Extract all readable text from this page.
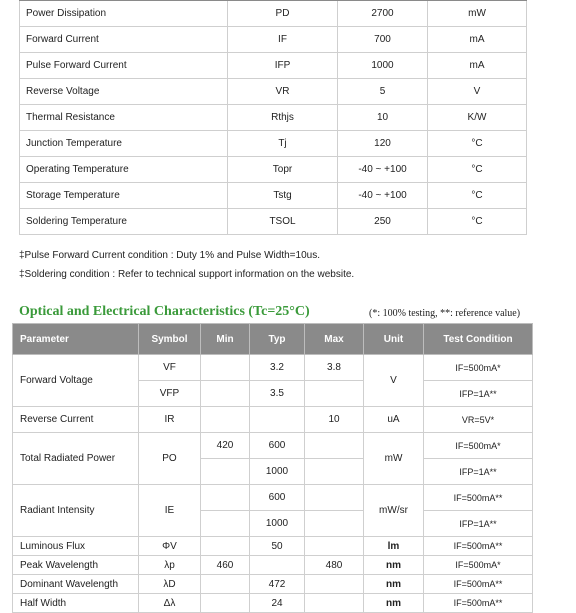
Power Dissipation	PD	2700	mW
Forward Current	IF	700	mA
Pulse Forward Current	IFP	1000	mA
Reverse Voltage	VR	5	V
Thermal Resistance	Rthjs	10	K/W
Junction Temperature	Tj	120	°C
Operating Temperature	Topr	-40 ~ +100	°C
Storage Temperature	Tstg	-40 ~ +100	°C
Soldering Temperature	TSOL	250	°C
‡Pulse Forward Current condition : Duty 1% and Pulse Width=10us.
‡Soldering condition : Refer to technical support information on the website.
Optical and Electrical Characteristics (Tc=25°C)	(*: 100% testing, **: reference value)
Parameter	Symbol	Min	Typ	Max	Unit	Test Condition
Forward Voltage	VF		3.2	3.8	V	IF=500mA*
	VFP		3.5			IFP=1A**
Reverse Current	IR			10	uA	VR=5V*
Total Radiated Power	PO	420	600		mW	IF=500mA*
			1000			IFP=1A**
Radiant Intensity	IE		600		mW/sr	IF=500mA**
			1000			IFP=1A**
Luminous Flux	ΦV		50		lm	IF=500mA**
Peak Wavelength	λp	460		480	nm	IF=500mA*
Dominant Wavelength	λD		472		nm	IF=500mA**
Half Width	Δλ		24		nm	IF=500mA**
